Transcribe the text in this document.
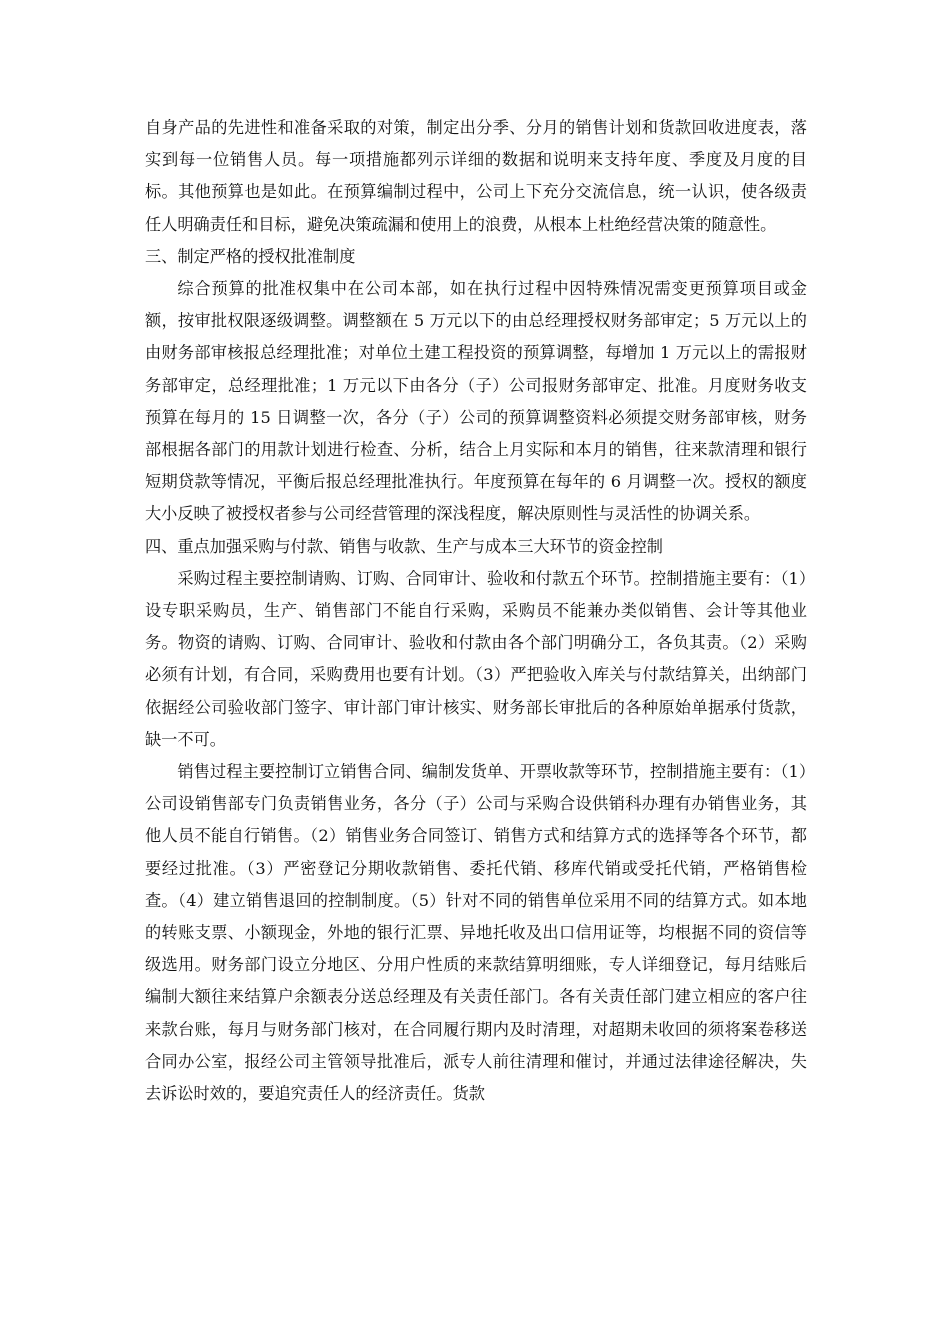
自身产品的先进性和准备采取的对策，制定出分季、分月的销售计划和货款回收进度表，落实到每一位销售人员。每一项措施都列示详细的数据和说明来支持年度、季度及月度的目标。其他预算也是如此。在预算编制过程中，公司上下充分交流信息，统一认识，使各级责任人明确责任和目标，避免决策疏漏和使用上的浪费，从根本上杜绝经营决策的随意性。

三、制定严格的授权批准制度

综合预算的批准权集中在公司本部，如在执行过程中因特殊情况需变更预算项目或金额，按审批权限逐级调整。调整额在 5 万元以下的由总经理授权财务部审定；5 万元以上的由财务部审核报总经理批准；对单位土建工程投资的预算调整，每增加 1 万元以上的需报财务部审定，总经理批准；1 万元以下由各分（子）公司报财务部审定、批准。月度财务收支预算在每月的 15 日调整一次，各分（子）公司的预算调整资料必须提交财务部审核，财务部根据各部门的用款计划进行检查、分析，结合上月实际和本月的销售，往来款清理和银行短期贷款等情况，平衡后报总经理批准执行。年度预算在每年的 6 月调整一次。授权的额度大小反映了被授权者参与公司经营管理的深浅程度，解决原则性与灵活性的协调关系。

四、重点加强采购与付款、销售与收款、生产与成本三大环节的资金控制

采购过程主要控制请购、订购、合同审计、验收和付款五个环节。控制措施主要有：（1）设专职采购员，生产、销售部门不能自行采购，采购员不能兼办类似销售、会计等其他业务。物资的请购、订购、合同审计、验收和付款由各个部门明确分工，各负其责。（2）采购必须有计划，有合同，采购费用也要有计划。（3）严把验收入库关与付款结算关，出纳部门依据经公司验收部门签字、审计部门审计核实、财务部长审批后的各种原始单据承付货款，缺一不可。

销售过程主要控制订立销售合同、编制发货单、开票收款等环节，控制措施主要有：（1）公司设销售部专门负责销售业务，各分（子）公司与采购合设供销科办理有办销售业务，其他人员不能自行销售。（2）销售业务合同签订、销售方式和结算方式的选择等各个环节，都要经过批准。（3）严密登记分期收款销售、委托代销、移库代销或受托代销，严格销售检查。（4）建立销售退回的控制制度。（5）针对不同的销售单位采用不同的结算方式。如本地的转账支票、小额现金，外地的银行汇票、异地托收及出口信用证等，均根据不同的资信等级选用。财务部门设立分地区、分用户性质的来款结算明细账，专人详细登记，每月结账后编制大额往来结算户余额表分送总经理及有关责任部门。各有关责任部门建立相应的客户往来款台账，每月与财务部门核对，在合同履行期内及时清理，对超期未收回的须将案卷移送合同办公室，报经公司主管领导批准后，派专人前往清理和催讨，并通过法律途径解决，失去诉讼时效的，要追究责任人的经济责任。货款
